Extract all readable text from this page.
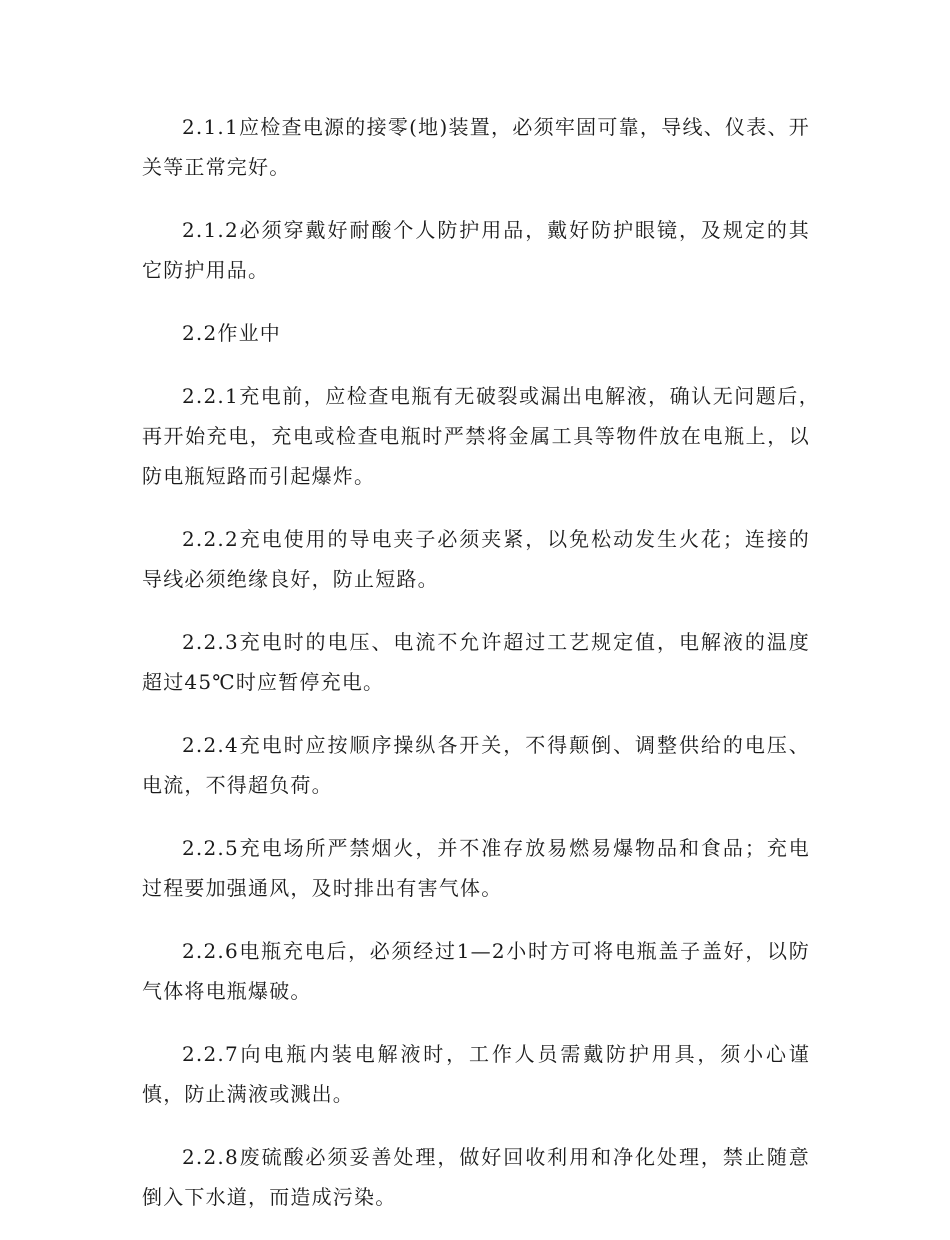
2.1.1应检查电源的接零(地)装置，必须牢固可靠，导线、仪表、开关等正常完好。

2.1.2必须穿戴好耐酸个人防护用品，戴好防护眼镜，及规定的其它防护用品。

2.2作业中

2.2.1充电前，应检查电瓶有无破裂或漏出电解液，确认无问题后，　再开始充电，充电或检查电瓶时严禁将金属工具等物件放在电瓶上，以防电瓶短路而引起爆炸。

2.2.2充电使用的导电夹子必须夹紧，以免松动发生火花；连接的导线必须绝缘良好，防止短路。

2.2.3充电时的电压、电流不允许超过工艺规定值，电解液的温度超过45℃时应暂停充电。

2.2.4充电时应按顺序操纵各开关，不得颠倒、调整供给的电压、电流，不得超负荷。

2.2.5充电场所严禁烟火，并不准存放易燃易爆物品和食品；充电过程要加强通风，及时排出有害气体。

2.2.6电瓶充电后，必须经过1—2小时方可将电瓶盖子盖好，以防气体将电瓶爆破。

2.2.7向电瓶内装电解液时，工作人员需戴防护用具，须小心谨慎，防止满液或溅出。

2.2.8废硫酸必须妥善处理，做好回收利用和净化处理，禁止随意倒入下水道，而造成污染。
